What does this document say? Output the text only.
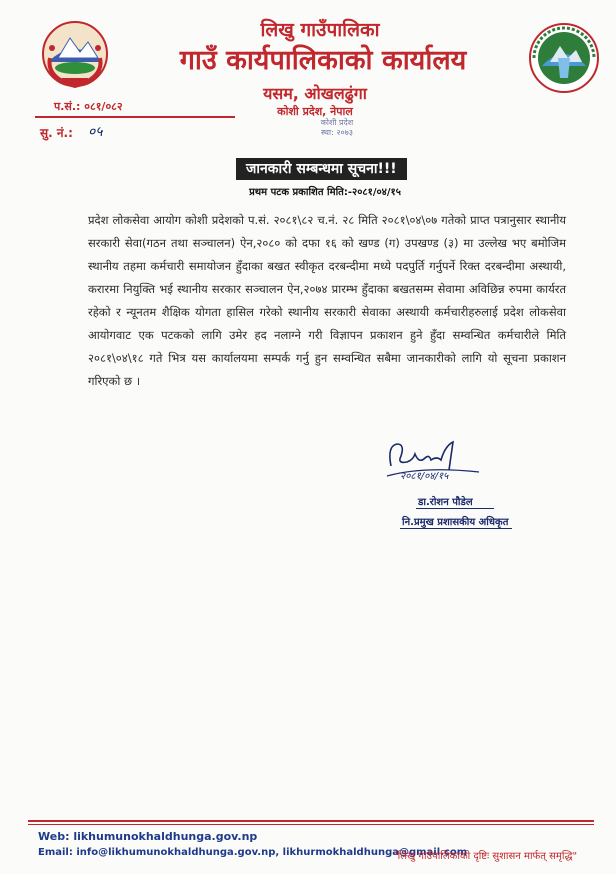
लिखु गाउँपालिका
गाउँ कार्यपालिकाको कार्यालय
यसम, ओखलढुंगा
कोशी प्रदेश, नेपाल
प.सं.: ०८१/०८२
सु. नं.: ०५
कोशी प्रदेश
स्था: २०७३
जानकारी सम्बन्धमा सूचना!!!
प्रथम पटक प्रकाशित मिति:-२०८१/०४/१५

प्रदेश लोकसेवा आयोग कोशी प्रदेशको प.सं. २०८१\८२ च.नं. २८ मिति २०८१\०४\०७ गतेको प्राप्त पत्रानुसार स्थानीय सरकारी सेवा(गठन तथा सञ्चालन) ऐन,२०८० को दफा १६ को खण्ड (ग) उपखण्ड (३) मा उल्लेख भए बमोजिम स्थानीय तहमा कर्मचारी समायोजन हुँदाका बखत स्वीकृत दरबन्दीमा मध्ये पदपुर्ति गर्नुपर्ने रिक्त दरबन्दीमा अस्थायी, करारमा नियुक्ति भई स्थानीय सरकार सञ्चालन ऐन,२०७४ प्रारम्भ हुँदाका बखतसम्म सेवामा अविछिन्न रुपमा कार्यरत रहेको र न्यूनतम शैक्षिक योगता हासिल गरेको स्थानीय सरकारी सेवाका अस्थायी कर्मचारीहरुलाई प्रदेश लोकसेवा आयोगवाट एक पटकको लागि उमेर हद नलाग्ने गरी विज्ञापन प्रकाशन हुने हुँदा सम्वन्धित कर्मचारीले मिति २०८१\०४\१८ गते भित्र यस कार्यालयमा सम्पर्क गर्नु हुन सम्वन्धित सबैमा जानकारीको लागि यो सूचना प्रकाशन गरिएको छ ।

२०८१/०४/१५
डा.रोशन पौडेल
नि.प्रमुख प्रशासकीय अधिकृत
Web: likhumunokhaldhunga.gov.np
Email: info@likhumunokhaldhunga.gov.np, likhurmokhaldhunga@gmail.com
"लिखु गाउँपालिकाको दृष्टिः सुशासन मार्फत् समृद्धि"
